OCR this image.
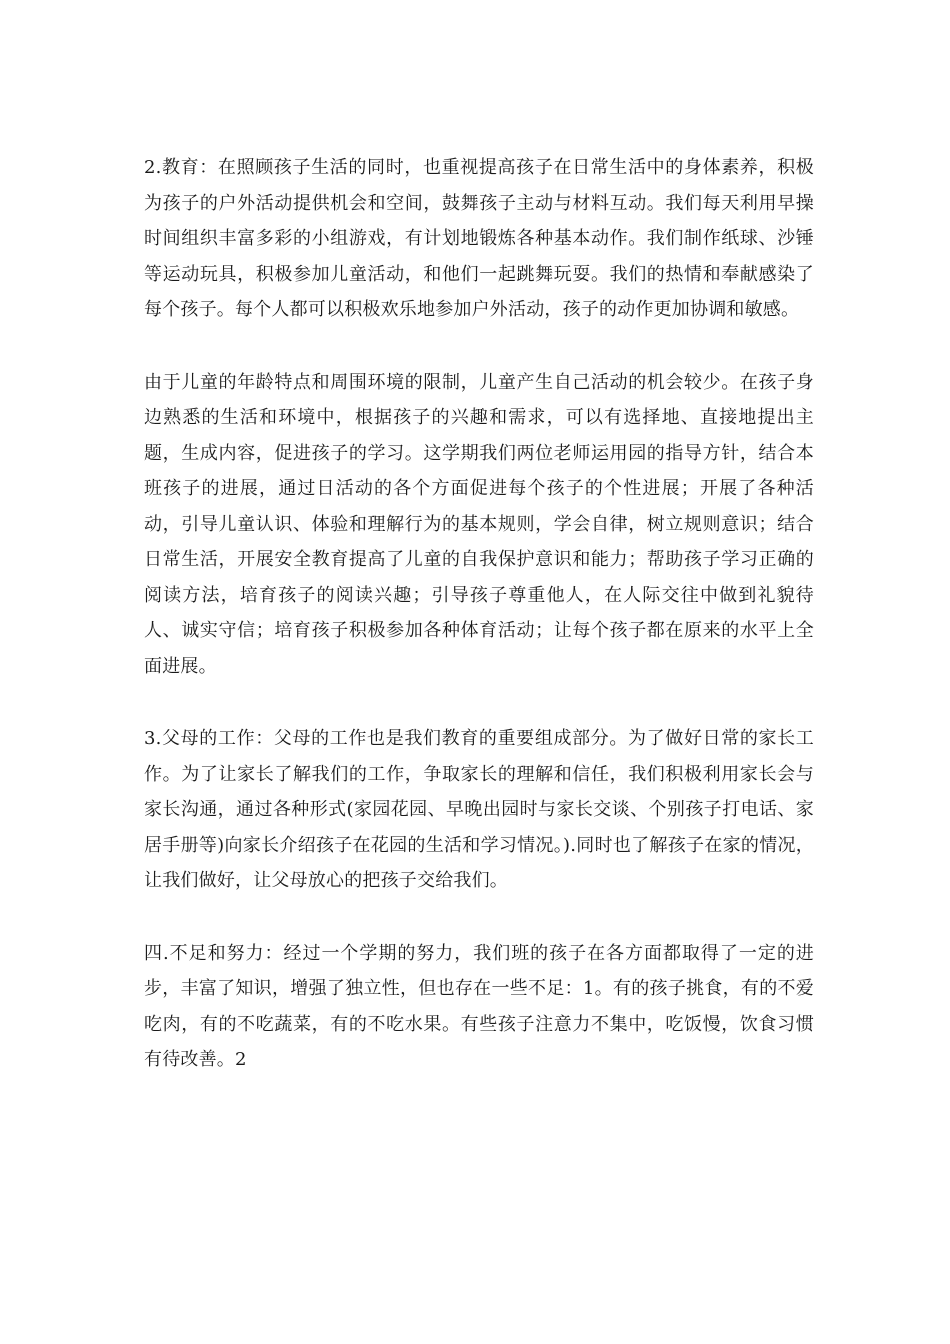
2.教育：在照顾孩子生活的同时，也重视提高孩子在日常生活中的身体素养，积极为孩子的户外活动提供机会和空间，鼓舞孩子主动与材料互动。我们每天利用早操时间组织丰富多彩的小组游戏，有计划地锻炼各种基本动作。我们制作纸球、沙锤等运动玩具，积极参加儿童活动，和他们一起跳舞玩耍。我们的热情和奉献感染了每个孩子。每个人都可以积极欢乐地参加户外活动，孩子的动作更加协调和敏感。

由于儿童的年龄特点和周围环境的限制，儿童产生自己活动的机会较少。在孩子身边熟悉的生活和环境中，根据孩子的兴趣和需求，可以有选择地、直接地提出主题，生成内容，促进孩子的学习。这学期我们两位老师运用园的指导方针，结合本班孩子的进展，通过日活动的各个方面促进每个孩子的个性进展；开展了各种活动，引导儿童认识、体验和理解行为的基本规则，学会自律，树立规则意识；结合日常生活，开展安全教育提高了儿童的自我保护意识和能力；帮助孩子学习正确的阅读方法，培育孩子的阅读兴趣；引导孩子尊重他人，在人际交往中做到礼貌待人、诚实守信；培育孩子积极参加各种体育活动；让每个孩子都在原来的水平上全面进展。

3.父母的工作：父母的工作也是我们教育的重要组成部分。为了做好日常的家长工作。为了让家长了解我们的工作，争取家长的理解和信任，我们积极利用家长会与家长沟通，通过各种形式(家园花园、早晚出园时与家长交谈、个别孩子打电话、家居手册等)向家长介绍孩子在花园的生活和学习情况。).同时也了解孩子在家的情况，让我们做好，让父母放心的把孩子交给我们。

四.不足和努力：经过一个学期的努力，我们班的孩子在各方面都取得了一定的进步，丰富了知识，增强了独立性，但也存在一些不足：1。有的孩子挑食，有的不爱吃肉，有的不吃蔬菜，有的不吃水果。有些孩子注意力不集中，吃饭慢，饮食习惯有待改善。2
